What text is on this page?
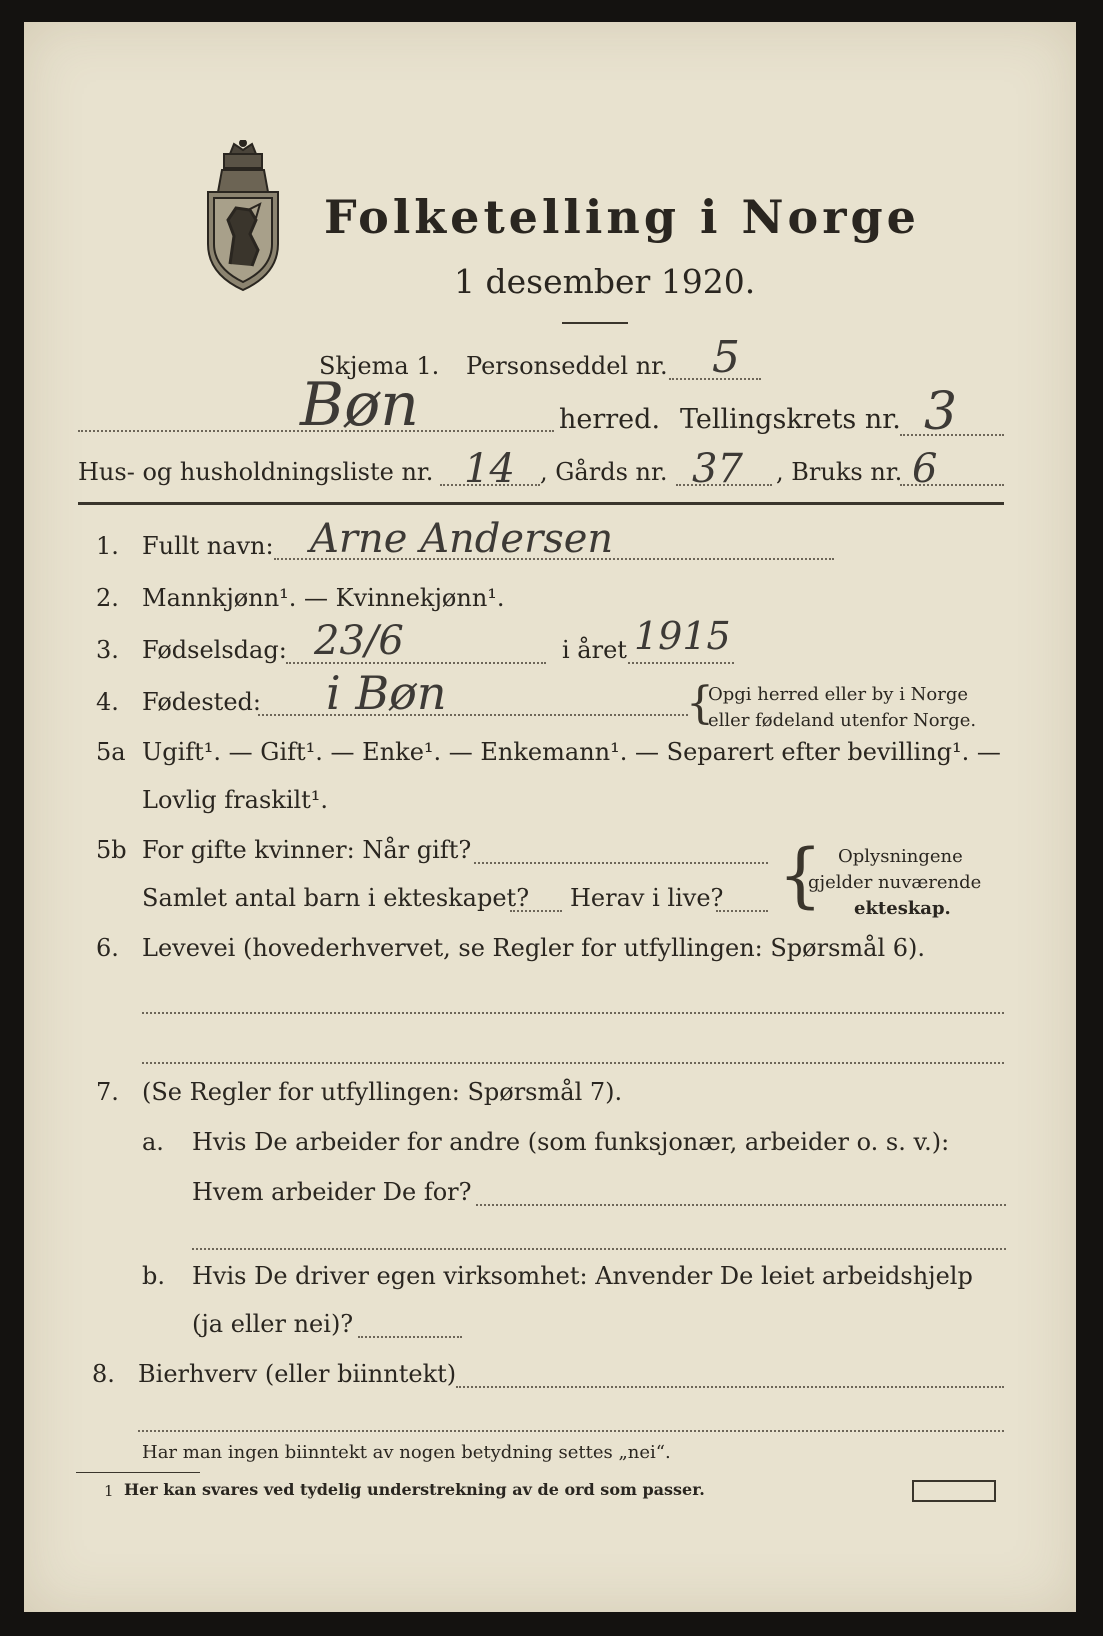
Folketelling i Norge
1 desember 1920.
Skjema 1. Personseddel nr. 5
Bøn	herred. Tellingskrets nr. 3
Hus- og husholdningsliste nr. 14 , Gårds nr. 37 , Bruks nr. 6
1. Fullt navn: Arne Andersen
2. Mannkjønn¹. — Kvinnekjønn¹.
3. Fødselsdag: 23/6	i året 1915
4. Fødested: i Bøn	{
Opgi herred eller by i Norge
eller fødeland utenfor Norge.
5a Ugift¹. — Gift¹. — Enke¹. — Enkemann¹. — Separert efter bevilling¹. —
Lovlig fraskilt¹.
5b For gifte kvinner: Når gift?
Samlet antal barn i ekteskapet? Herav i live? { Oplysningene
gjelder nuværende
ekteskap.
6. Levevei (hovederhvervet, se Regler for utfyllingen: Spørsmål 6).
7. (Se Regler for utfyllingen: Spørsmål 7).
a. Hvis De arbeider for andre (som funksjonær, arbeider o. s. v.):
Hvem arbeider De for?
b. Hvis De driver egen virksomhet: Anvender De leiet arbeidshjelp
(ja eller nei)?
8. Bierhverv (eller biinntekt)
Har man ingen biinntekt av nogen betydning settes „nei“.
1 Her kan svares ved tydelig understrekning av de ord som passer.
